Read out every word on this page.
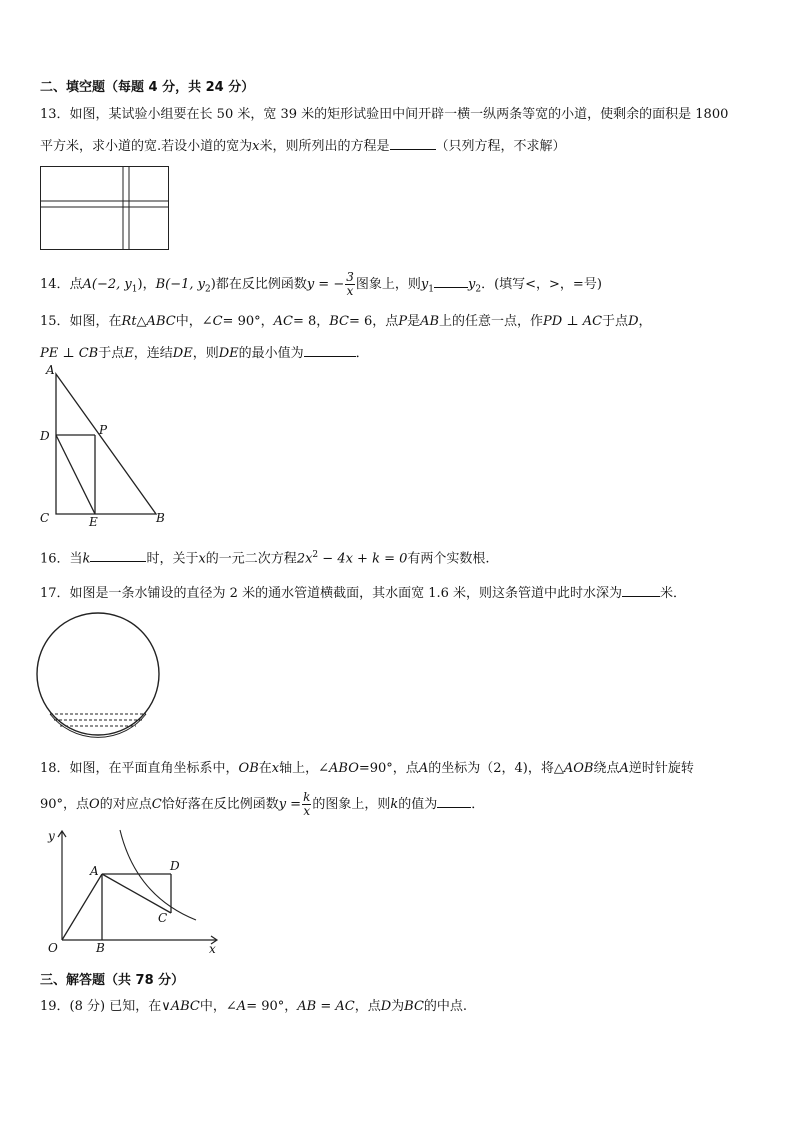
二、填空题（每题 4 分，共 24 分）
13．如图，某试验小组要在长 50 米，宽 39 米的矩形试验田中间开辟一横一纵两条等宽的小道，使剩余的面积是 1800
平方米，求小道的宽.若设小道的宽为x米，则所列出的方程是	（只列方程，不求解）
14．点A(−2, $y_1$)，B(−1, $y_2$)都在反比例函数y = − $\frac{3}{x}$ 图象上，则$y_1$	$y_2$．(填写<，>，=号)
15．如图，在Rt△ABC中，∠C= 90°，AC= 8，BC= 6，点P是AB上的任意一点，作PD ⊥ AC于点D，
PE ⊥ CB于点E，连结DE，则DE的最小值为	．
A
D	P
C	E	B
16．当k	时，关于x的一元二次方程$2x^2 - 4x + k = 0$有两个实数根.
17．如图是一条水铺设的直径为 2 米的通水管道横截面，其水面宽 1.6 米，则这条管道中此时水深为	米．
18．如图，在平面直角坐标系中，OB在x轴上，∠ABO=90°，点A的坐标为（2，4)，将△AOB绕点A逆时针旋转
90°，点O的对应点C恰好落在反比例函数$y = \frac{k}{x}$ 的图象上，则k的值为	．
y
A	D
C
O	B	x
三、解答题（共 78 分）
19．(8 分) 已知，在∨ABC中，∠A= 90°，AB = AC，点D为BC的中点.
